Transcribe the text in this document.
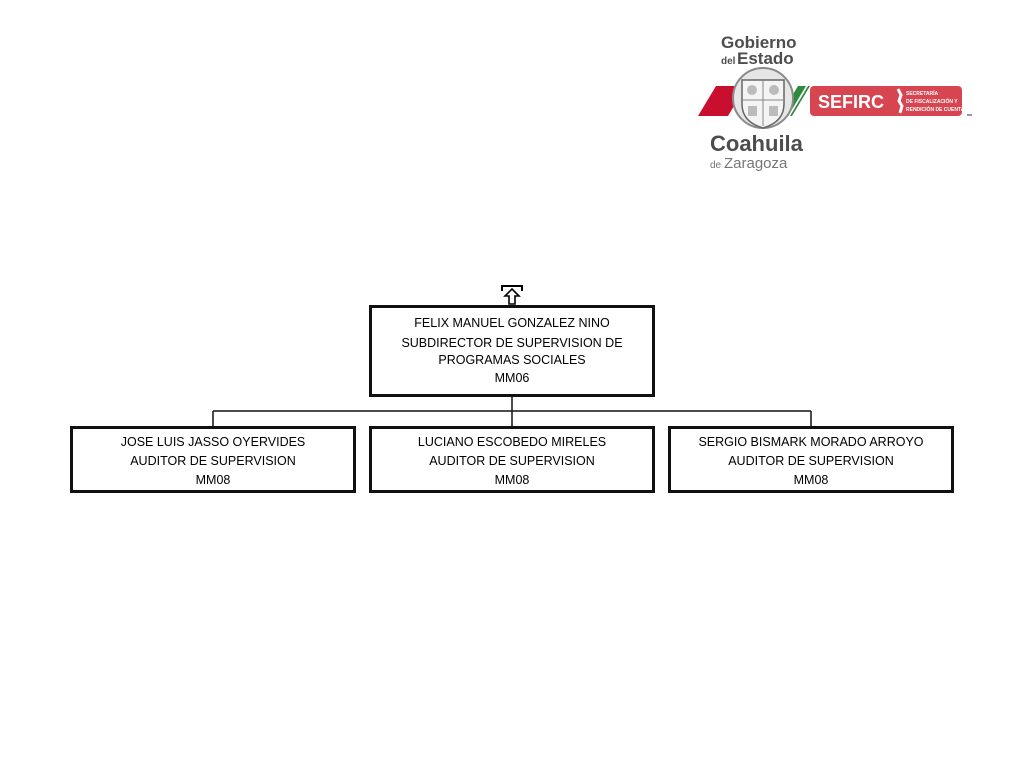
Gobierno
del Estado
SEFIRC	SECRETARÍA
DE FISCALIZACIÓN Y
RENDICIÓN DE CUENTAS
Coahuila
de Zaragoza
FELIX MANUEL GONZALEZ NINO
SUBDIRECTOR DE SUPERVISION DE PROGRAMAS SOCIALES
MM06
JOSE LUIS JASSO OYERVIDES
AUDITOR DE SUPERVISION
MM08
LUCIANO ESCOBEDO MIRELES
AUDITOR DE SUPERVISION
MM08
SERGIO BISMARK MORADO ARROYO
AUDITOR DE SUPERVISION
MM08
